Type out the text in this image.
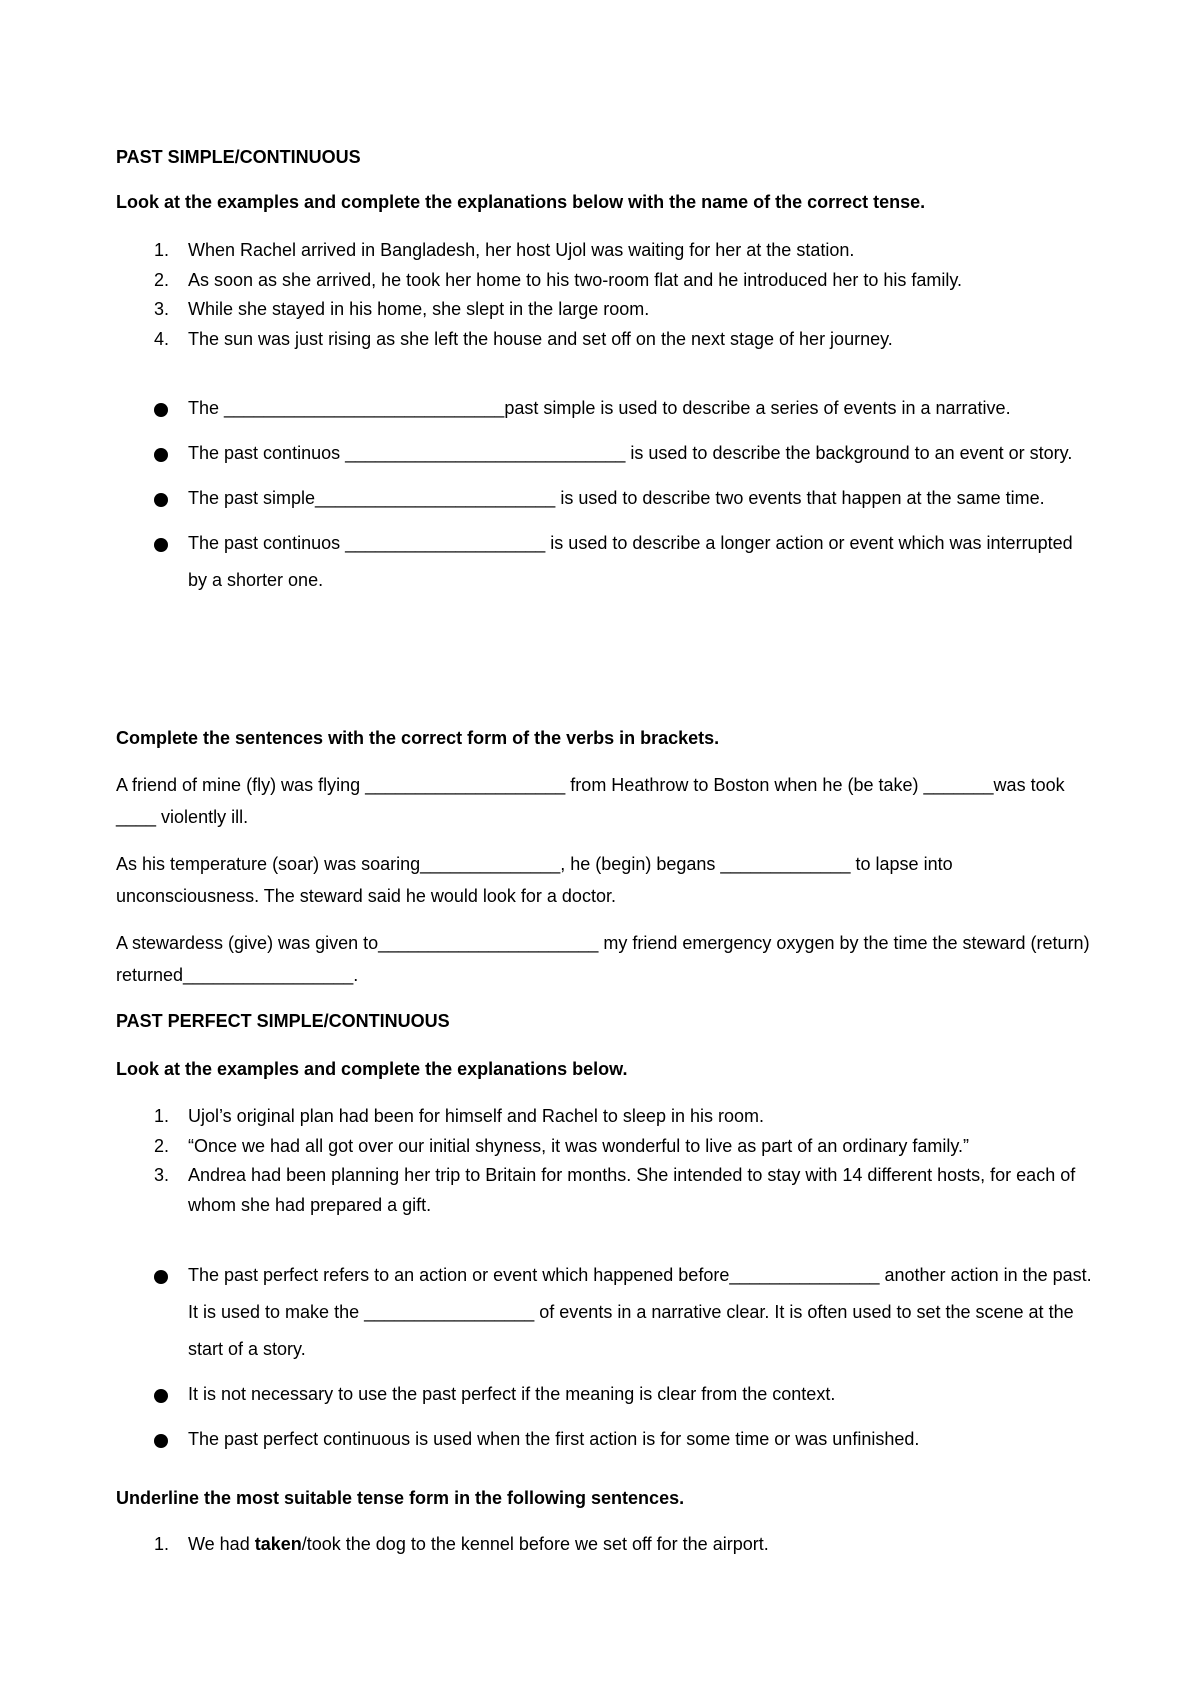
PAST SIMPLE/CONTINUOUS
Look at the examples and complete the explanations below with the name of the correct tense.
1. When Rachel arrived in Bangladesh, her host Ujol was waiting for her at the station.
2. As soon as she arrived, he took her home to his two-room flat and he introduced her to his family.
3. While she stayed in his home, she slept in the large room.
4. The sun was just rising as she left the house and set off on the next stage of her journey.
The ____________________________past simple is used to describe a series of events in a narrative.
The past continuos ____________________________ is used to describe the background to an event or story.
The past simple________________________ is used to describe two events that happen at the same time.
The past continuos ____________________ is used to describe a longer action or event which was interrupted by a shorter one.
Complete the sentences with the correct form of the verbs in brackets.
A friend of mine (fly) was flying ____________________ from Heathrow to Boston when he (be take) _______was took ____ violently ill.
As his temperature (soar) was soaring______________, he (begin) begans _____________ to lapse into unconsciousness. The steward said he would look for a doctor.
A stewardess (give) was given to______________________ my friend emergency oxygen by the time the steward (return) returned_________________.
PAST PERFECT SIMPLE/CONTINUOUS
Look at the examples and complete the explanations below.
1. Ujol’s original plan had been for himself and Rachel to sleep in his room.
2. “Once we had all got over our initial shyness, it was wonderful to live as part of an ordinary family.”
3. Andrea had been planning her trip to Britain for months. She intended to stay with 14 different hosts, for each of whom she had prepared a gift.
The past perfect refers to an action or event which happened before_______________ another action in the past. It is used to make the _________________ of events in a narrative clear. It is often used to set the scene at the start of a story.
It is not necessary to use the past perfect if the meaning is clear from the context.
The past perfect continuous is used when the first action is for some time or was unfinished.
Underline the most suitable tense form in the following sentences.
1. We had taken/took the dog to the kennel before we set off for the airport.
